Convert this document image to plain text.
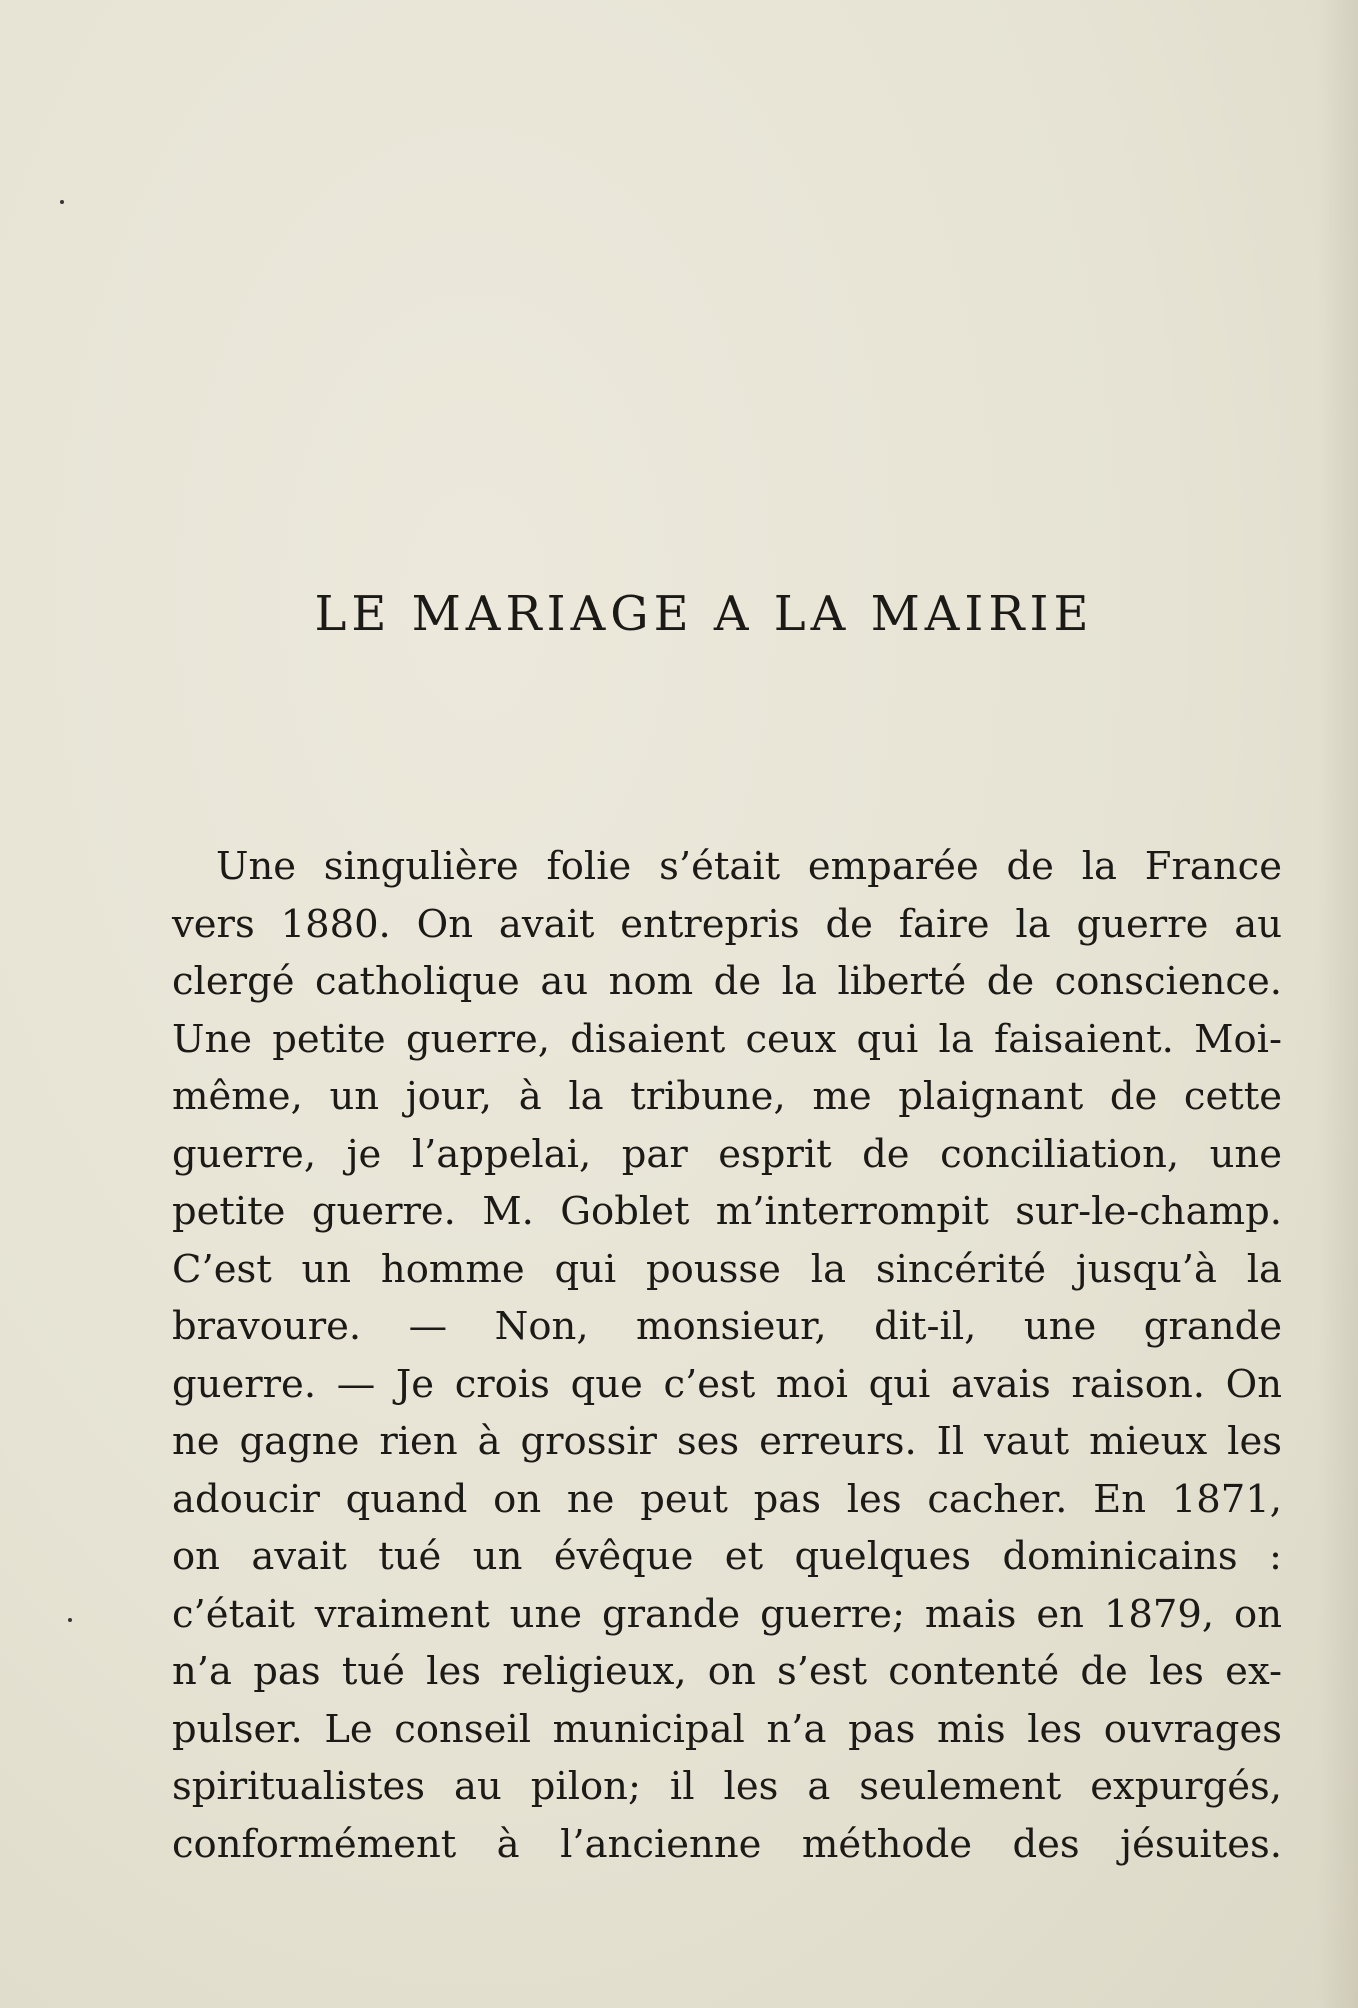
LE MARIAGE A LA MAIRIE
Une singulière folie s’était emparée de la France
vers 1880. On avait entrepris de faire la guerre au
clergé catholique au nom de la liberté de conscience.
Une petite guerre, disaient ceux qui la faisaient. Moi-
même, un jour, à la tribune, me plaignant de cette
guerre, je l’appelai, par esprit de conciliation, une
petite guerre. M. Goblet m’interrompit sur-le-champ.
C’est un homme qui pousse la sincérité jusqu’à la
bravoure. — Non, monsieur, dit-il, une grande
guerre. — Je crois que c’est moi qui avais raison. On
ne gagne rien à grossir ses erreurs. Il vaut mieux les
adoucir quand on ne peut pas les cacher. En 1871,
on avait tué un évêque et quelques dominicains :
c’était vraiment une grande guerre; mais en 1879, on
n’a pas tué les religieux, on s’est contenté de les ex-
pulser. Le conseil municipal n’a pas mis les ouvrages
spiritualistes au pilon; il les a seulement expurgés,
conformément à l’ancienne méthode des jésuites.
